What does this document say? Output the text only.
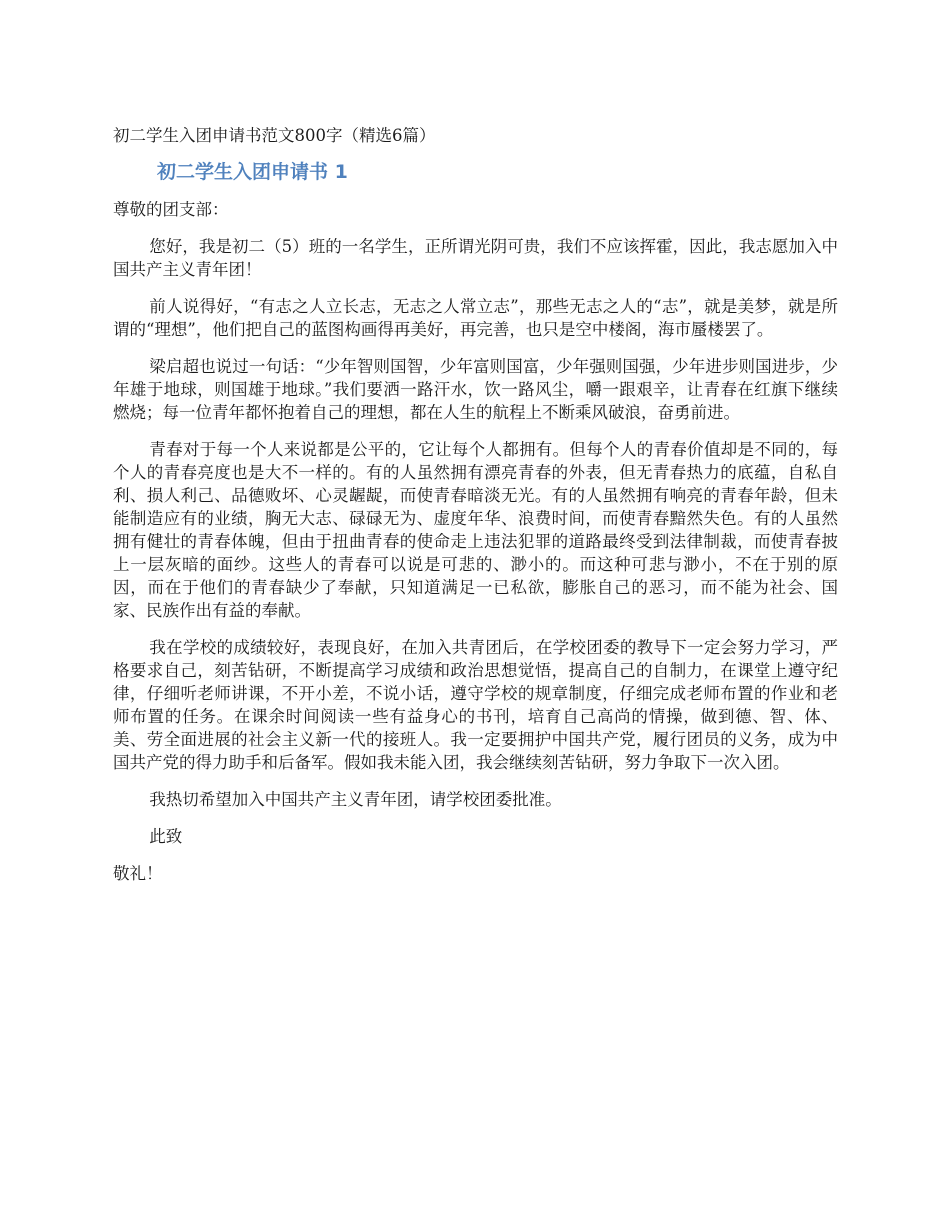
初二学生入团申请书范文800字（精选6篇）
初二学生入团申请书 1
尊敬的团支部：

您好，我是初二（5）班的一名学生，正所谓光阴可贵，我们不应该挥霍，因此，我志愿加入中国共产主义青年团！

前人说得好，“有志之人立长志，无志之人常立志”，那些无志之人的“志”，就是美梦，就是所谓的“理想”，他们把自己的蓝图构画得再美好，再完善，也只是空中楼阁，海市蜃楼罢了。

梁启超也说过一句话：“少年智则国智，少年富则国富，少年强则国强，少年进步则国进步，少年雄于地球，则国雄于地球。”我们要洒一路汗水，饮一路风尘，嚼一跟艰辛，让青春在红旗下继续燃烧；每一位青年都怀抱着自己的理想，都在人生的航程上不断乘风破浪，奋勇前进。

青春对于每一个人来说都是公平的，它让每个人都拥有。但每个人的青春价值却是不同的，每个人的青春亮度也是大不一样的。有的人虽然拥有漂亮青春的外表，但无青春热力的底蕴，自私自利、损人利己、品德败坏、心灵龌龊，而使青春暗淡无光。有的人虽然拥有响亮的青春年龄，但未能制造应有的业绩，胸无大志、碌碌无为、虚度年华、浪费时间，而使青春黯然失色。有的人虽然拥有健壮的青春体魄，但由于扭曲青春的使命走上违法犯罪的道路最终受到法律制裁，而使青春披上一层灰暗的面纱。这些人的青春可以说是可悲的、渺小的。而这种可悲与渺小，不在于别的原因，而在于他们的青春缺少了奉献，只知道满足一已私欲，膨胀自己的恶习，而不能为社会、国家、民族作出有益的奉献。

我在学校的成绩较好，表现良好，在加入共青团后，在学校团委的教导下一定会努力学习，严格要求自己，刻苦钻研，不断提高学习成绩和政治思想觉悟，提高自己的自制力，在课堂上遵守纪律，仔细听老师讲课，不开小差，不说小话，遵守学校的规章制度，仔细完成老师布置的作业和老师布置的任务。在课余时间阅读一些有益身心的书刊，培育自己高尚的情操，做到德、智、体、美、劳全面进展的社会主义新一代的接班人。我一定要拥护中国共产党，履行团员的义务，成为中国共产党的得力助手和后备军。假如我未能入团，我会继续刻苦钻研，努力争取下一次入团。

我热切希望加入中国共产主义青年团，请学校团委批准。

此致
敬礼！
